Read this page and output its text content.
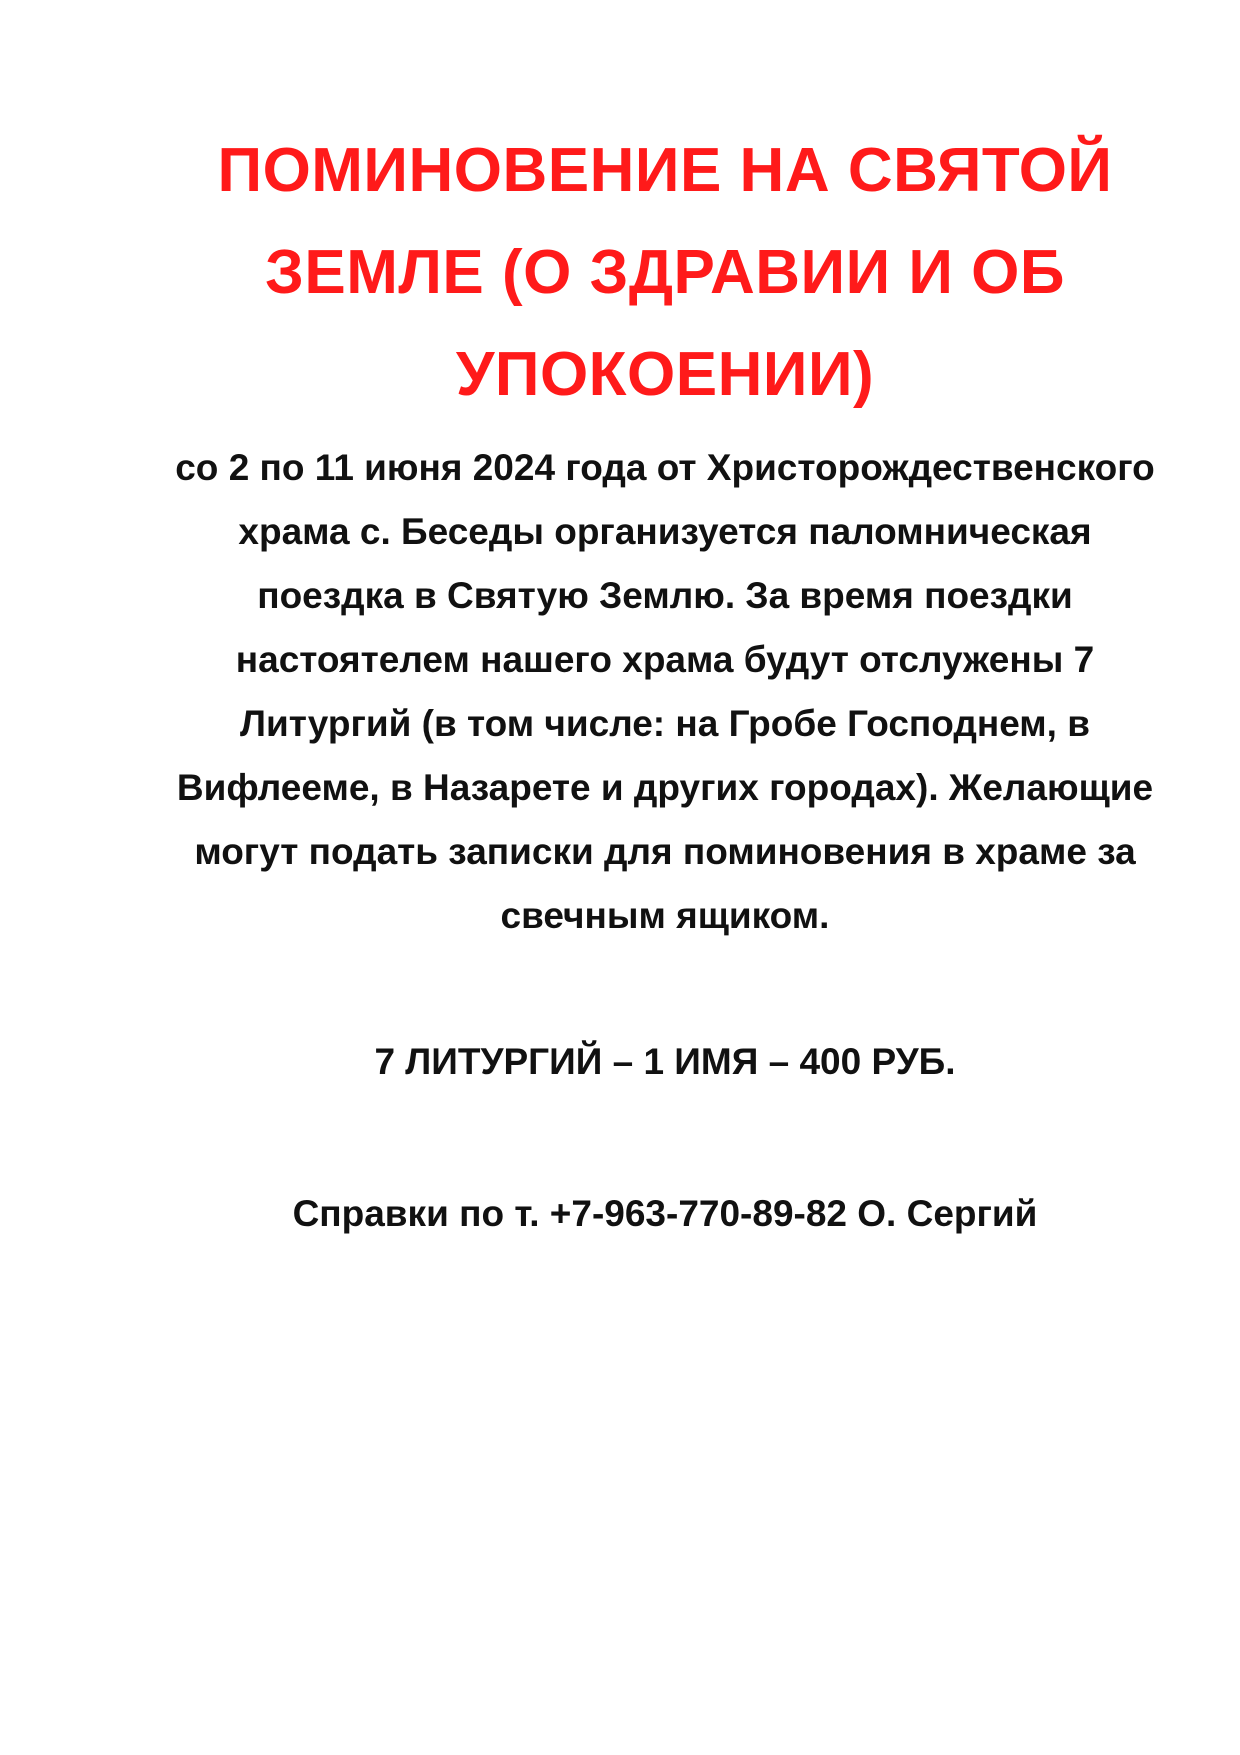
ПОМИНОВЕНИЕ НА СВЯТОЙ ЗЕМЛЕ (О ЗДРАВИИ И ОБ УПОКОЕНИИ)

со 2 по 11 июня 2024 года от Христорождественского храма с. Беседы организуется паломническая поездка в Святую Землю. За время поездки настоятелем нашего храма будут отслужены 7 Литургий (в том числе: на Гробе Господнем, в Вифлееме, в Назарете и других городах). Желающие могут подать записки для поминовения в храме за свечным ящиком.

7 ЛИТУРГИЙ – 1 ИМЯ – 400 РУБ.

Справки по т. +7-963-770-89-82 О. Сергий
